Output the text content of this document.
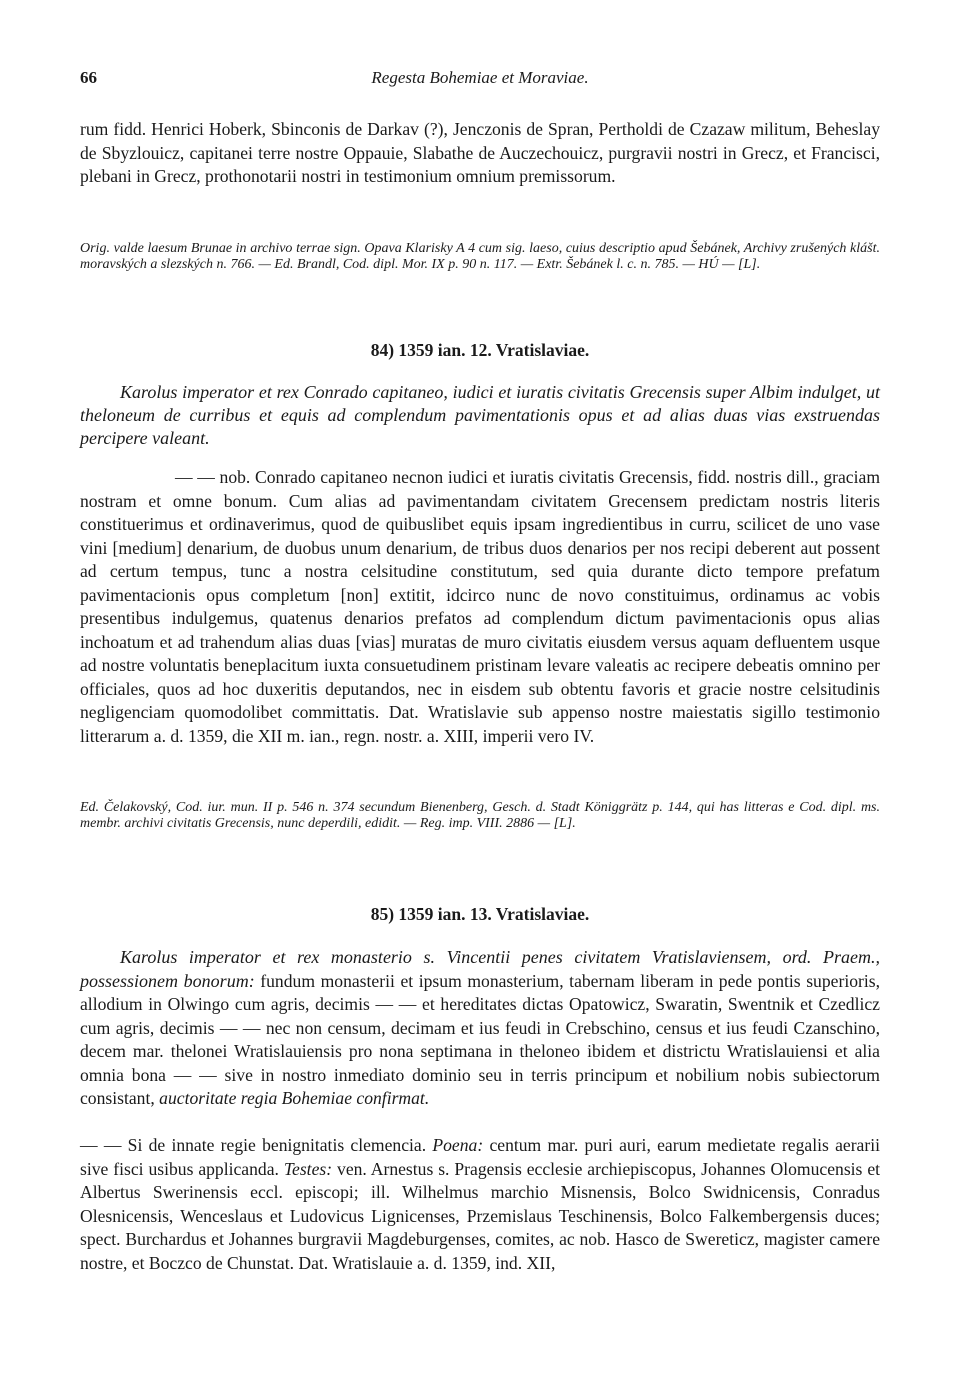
66	Regesta Bohemiae et Moraviae.

rum fidd. Henrici Hoberk, Sbinconis de Darkav (?), Jenczonis de Spran, Pertholdi de Czazaw militum, Beheslay de Sbyzlouicz, capitanei terre nostre Oppauie, Slabathe de Auczechouicz, purgravii nostri in Grecz, et Francisci, plebani in Grecz, prothonotarii nostri in testimonium omnium premissorum.

Orig. valde laesum Brunae in archivo terrae sign. Opava Klarisky A 4 cum sig. laeso, cuius descriptio apud Šebánek, Archivy zrušených klášt. moravských a slezských n. 766. — Ed. Brandl, Cod. dipl. Mor. IX p. 90 n. 117. — Extr. Šebánek l. c. n. 785. — HÚ — [L].

84) 1359 ian. 12. Vratislaviae.

Karolus imperator et rex Conrado capitaneo, iudici et iuratis civitatis Grecensis super Albim indulget, ut theloneum de curribus et equis ad complendum pavimentationis opus et ad alias duas vias exstruendas percipere valeant.

— — nob. Conrado capitaneo necnon iudici et iuratis civitatis Grecensis, fidd. nostris dill., graciam nostram et omne bonum. Cum alias ad pavimentandam civitatem Grecensem predictam nostris literis constituerimus et ordinaverimus, quod de quibuslibet equis ipsam ingredientibus in curru, scilicet de uno vase vini [medium] denarium, de duobus unum denarium, de tribus duos denarios per nos recipi deberent aut possent ad certum tempus, tunc a nostra celsitudine constitutum, sed quia durante dicto tempore prefatum pavimentacionis opus completum [non] extitit, idcirco nunc de novo constituimus, ordinamus ac vobis presentibus indulgemus, quatenus denarios prefatos ad complendum dictum pavimentacionis opus alias inchoatum et ad trahendum alias duas [vias] muratas de muro civitatis eiusdem versus aquam defluentem usque ad nostre voluntatis beneplacitum iuxta consuetudinem pristinam levare valeatis ac recipere debeatis omnino per officiales, quos ad hoc duxeritis deputandos, nec in eisdem sub obtentu favoris et gracie nostre celsitudinis negligenciam quomodolibet committatis. Dat. Wratislavie sub appenso nostre maiestatis sigillo testimonio litterarum a. d. 1359, die XII m. ian., regn. nostr. a. XIII, imperii vero IV.

Ed. Čelakovský, Cod. iur. mun. II p. 546 n. 374 secundum Bienenberg, Gesch. d. Stadt Königgrätz p. 144, qui has litteras e Cod. dipl. ms. membr. archivi civitatis Grecensis, nunc deperdili, edidit. — Reg. imp. VIII. 2886 — [L].

85) 1359 ian. 13. Vratislaviae.

Karolus imperator et rex monasterio s. Vincentii penes civitatem Vratislaviensem, ord. Praem., possessionem bonorum: fundum monasterii et ipsum monasterium, tabernam liberam in pede pontis superioris, allodium in Olwingo cum agris, decimis — — et hereditates dictas Opatowicz, Swaratin, Swentnik et Czedlicz cum agris, decimis — — nec non censum, decimam et ius feudi in Crebschino, census et ius feudi Czanschino, decem mar. thelonei Wratislauiensis pro nona septimana in theloneo ibidem et districtu Wratislauiensi et alia omnia bona — — sive in nostro inmediato dominio seu in terris principum et nobilium nobis subiectorum consistant, auctoritate regia Bohemiae confirmat.

— — Si de innate regie benignitatis clemencia. Poena: centum mar. puri auri, earum medietate regalis aerarii sive fisci usibus applicanda. Testes: ven. Arnestus s. Pragensis ecclesie archiepiscopus, Johannes Olomucensis et Albertus Swerinensis eccl. episcopi; ill. Wilhelmus marchio Misnensis, Bolco Swidnicensis, Conradus Olesnicensis, Wenceslaus et Ludovicus Lignicenses, Przemislaus Teschinensis, Bolco Falkembergensis duces; spect. Burchardus et Johannes burgravii Magdeburgenses, comites, ac nob. Hasco de Swereticz, magister camere nostre, et Boczco de Chunstat. Dat. Wratislauie a. d. 1359, ind. XII,
